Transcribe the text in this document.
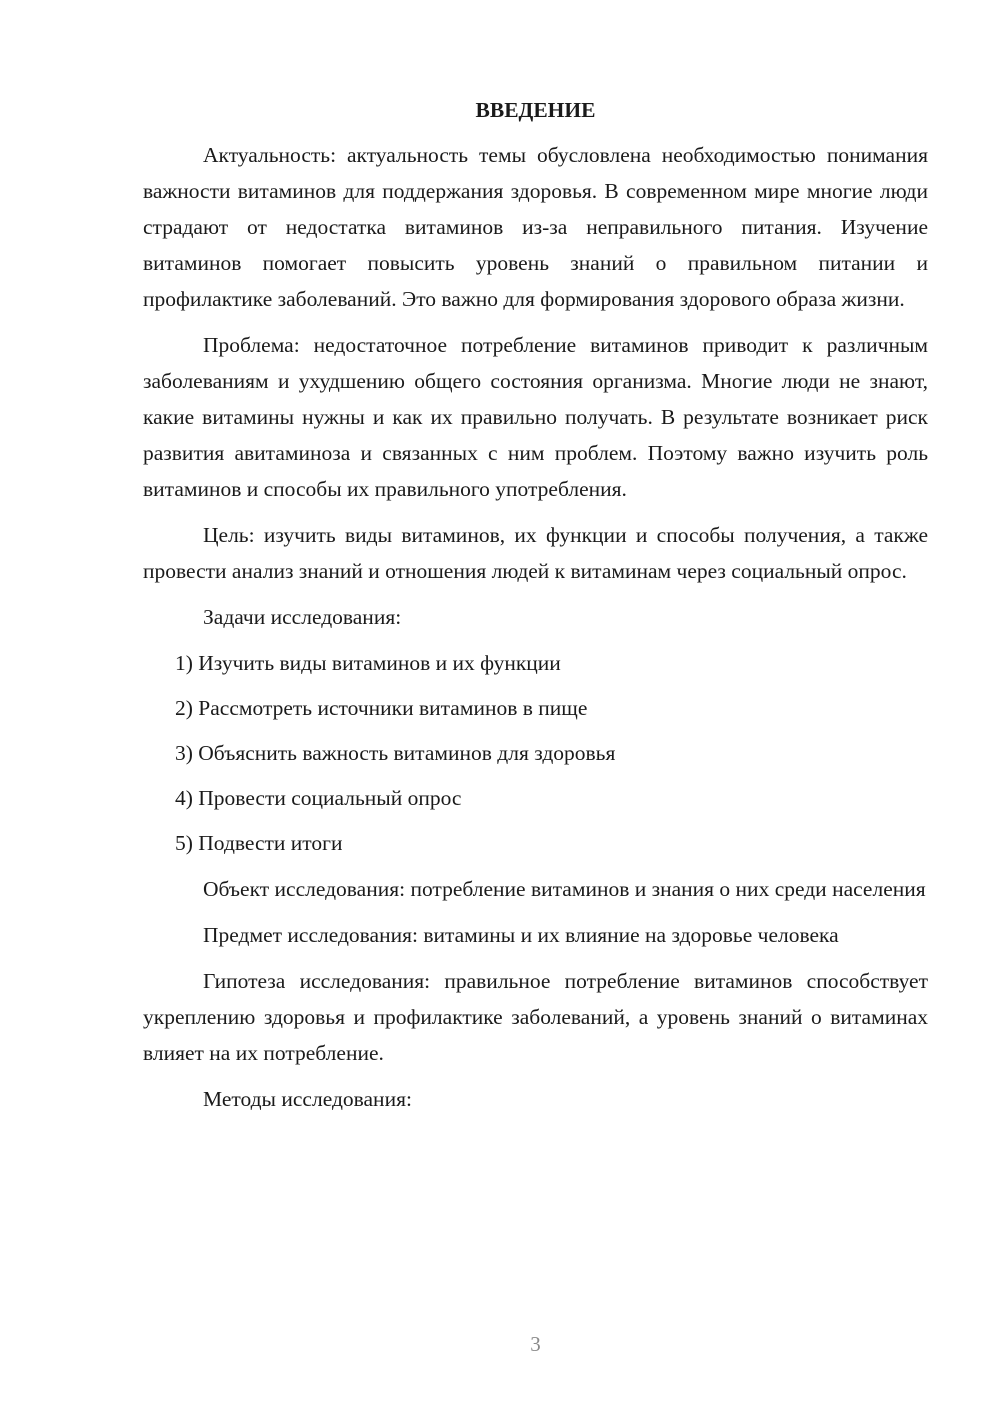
ВВЕДЕНИЕ

Актуальность: актуальность темы обусловлена необходимостью понимания важности витаминов для поддержания здоровья. В современном мире многие люди страдают от недостатка витаминов из-за неправильного питания. Изучение витаминов помогает повысить уровень знаний о правильном питании и профилактике заболеваний. Это важно для формирования здорового образа жизни.

Проблема: недостаточное потребление витаминов приводит к различным заболеваниям и ухудшению общего состояния организма. Многие люди не знают, какие витамины нужны и как их правильно получать. В результате возникает риск развития авитаминоза и связанных с ним проблем. Поэтому важно изучить роль витаминов и способы их правильного употребления.

Цель: изучить виды витаминов, их функции и способы получения, а также провести анализ знаний и отношения людей к витаминам через социальный опрос.

Задачи исследования:

1) Изучить виды витаминов и их функции
2) Рассмотреть источники витаминов в пище
3) Объяснить важность витаминов для здоровья
4) Провести социальный опрос
5) Подвести итоги

Объект исследования: потребление витаминов и знания о них среди населения

Предмет исследования: витамины и их влияние на здоровье человека

Гипотеза исследования: правильное потребление витаминов способствует укреплению здоровья и профилактике заболеваний, а уровень знаний о витаминах влияет на их потребление.

Методы исследования:

3
